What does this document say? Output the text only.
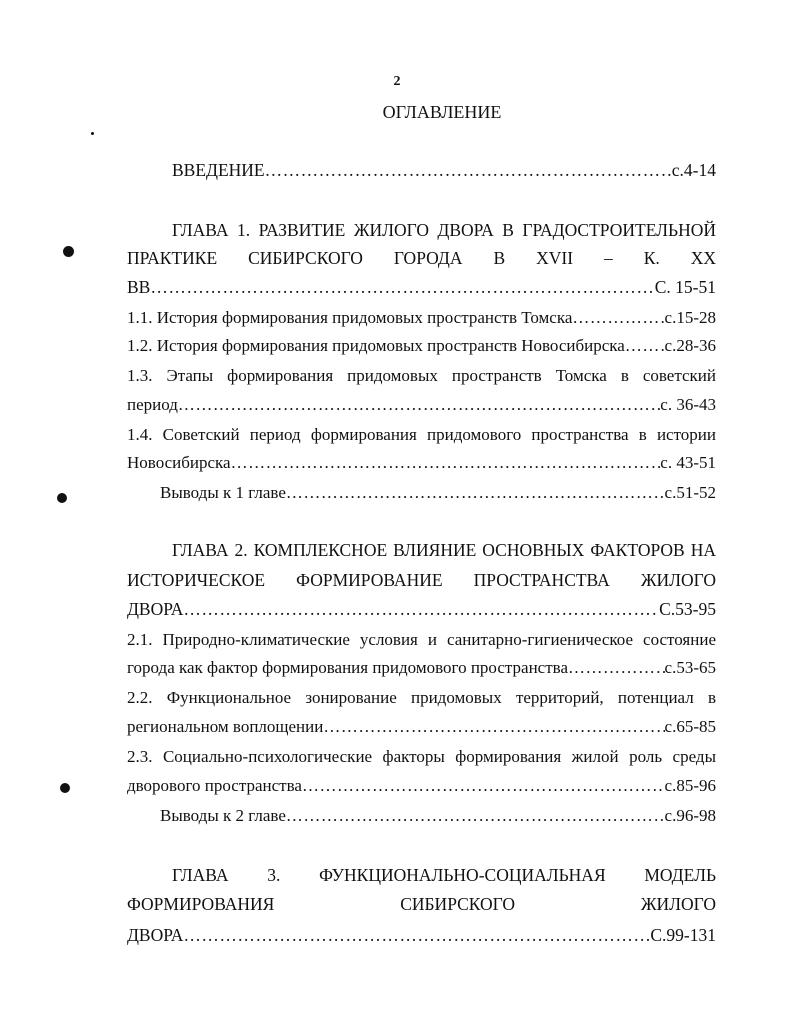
2
ОГЛАВЛЕНИЕ
ВВЕДЕНИЕ ……………………………………………………………………………………………………………………………………………………	с.4-14
ГЛАВА 1. РАЗВИТИЕ ЖИЛОГО ДВОРА В ГРАДОСТРОИТЕЛЬНОЙ
ПРАКТИКЕ СИБИРСКОГО ГОРОДА В XVII – К. XX
ВВ ……………………………………………………………………………………………………………………………………………………	С. 15-51
1.1. История формирования придомовых пространств Томска ……………………………………………………………………………………………………………………………………………………	с.15-28
1.2. История формирования придомовых пространств Новосибирска …………………………………………………………………………………………………………………………………………………… с.28-36
1.3. Этапы формирования придомовых пространств Томска в советский
период ……………………………………………………………………………………………………………………………………………………	с. 36-43
1.4. Советский период формирования придомового пространства в истории
Новосибирска ……………………………………………………………………………………………………………………………………………………	с. 43-51
Выводы к 1 главе ……………………………………………………………………………………………………………………………………………………	с.51-52
ГЛАВА 2. КОМПЛЕКСНОЕ ВЛИЯНИЕ ОСНОВНЫХ ФАКТОРОВ НА
ИСТОРИЧЕСКОЕ ФОРМИРОВАНИЕ ПРОСТРАНСТВА ЖИЛОГО
ДВОРА ……………………………………………………………………………………………………………………………………………………	С.53-95
2.1. Природно-климатические условия и санитарно-гигиеническое состояние
города как фактор формирования придомового пространства ……………………………………………………………………………………………………………………………………………………	с.53-65
2.2. Функциональное зонирование придомовых территорий, потенциал в
региональном воплощении ……………………………………………………………………………………………………………………………………………………	с.65-85
2.3. Социально-психологические факторы формирования жилой роль среды
дворового пространства ……………………………………………………………………………………………………………………………………………………	с.85-96
Выводы к 2 главе ……………………………………………………………………………………………………………………………………………………	с.96-98
ГЛАВА 3. ФУНКЦИОНАЛЬНО-СОЦИАЛЬНАЯ МОДЕЛЬ
ФОРМИРОВАНИЯ СИБИРСКОГО ЖИЛОГО
ДВОРА ……………………………………………………………………………………………………………………………………………………	С.99-131
